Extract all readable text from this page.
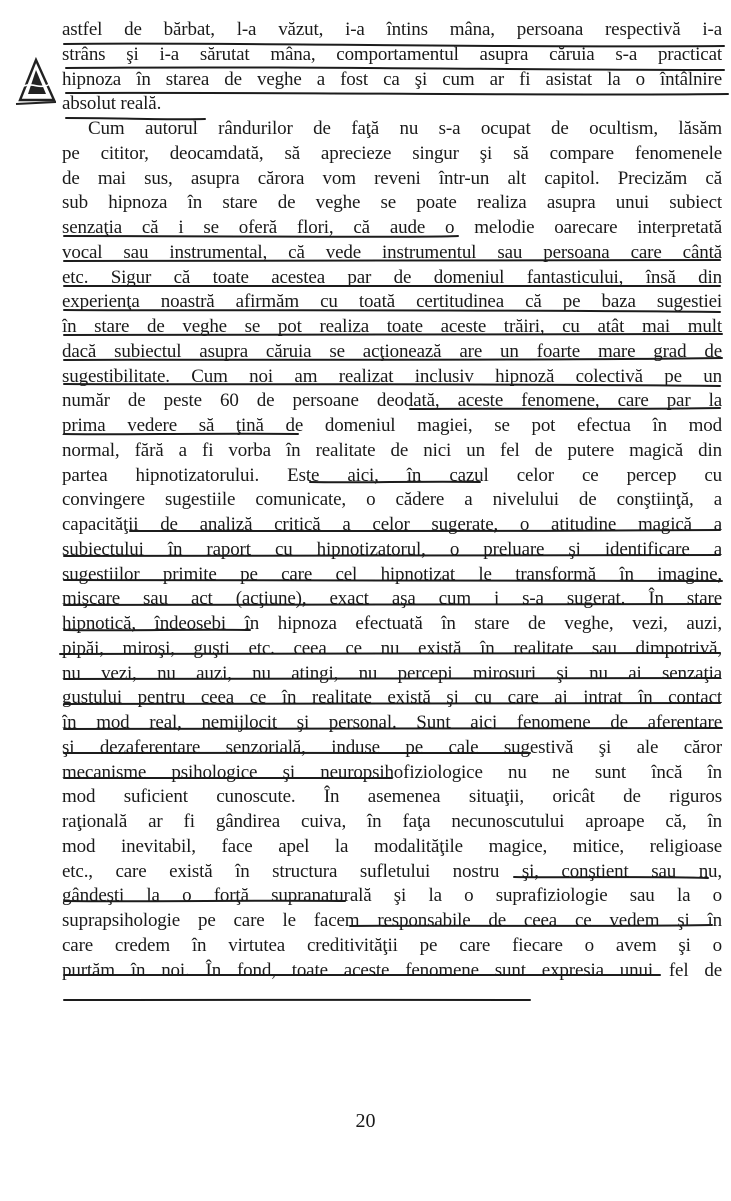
astfel de bărbat, l-a văzut, i-a întins mâna, persoana respectivă i-a
strâns şi i-a sărutat mâna, comportamentul asupra căruia s-a practicat
hipnoza în starea de veghe a fost ca şi cum ar fi asistat la o întâlnire
absolut reală.
Cum autorul rândurilor de faţă nu s-a ocupat de ocultism, lăsăm
pe cititor, deocamdată, să aprecieze singur şi să compare fenomenele
de mai sus, asupra cărora vom reveni într-un alt capitol. Precizăm că
sub hipnoza în stare de veghe se poate realiza asupra unui subiect
senzaţia că i se oferă flori, că aude o melodie oarecare interpretată
vocal sau instrumental, că vede instrumentul sau persoana care cântă
etc. Sigur că toate acestea par de domeniul fantasticului, însă din
experienţa noastră afirmăm cu toată certitudinea că pe baza sugestiei
în stare de veghe se pot realiza toate aceste trăiri, cu atât mai mult
dacă subiectul asupra căruia se acţionează are un foarte mare grad de
sugestibilitate. Cum noi am realizat inclusiv hipnoză colectivă pe un
număr de peste 60 de persoane deodată, aceste fenomene, care par la
prima vedere să ţină de domeniul magiei, se pot efectua în mod
normal, fără a fi vorba în realitate de nici un fel de putere magică din
partea hipnotizatorului. Este aici, în cazul celor ce percep cu
convingere sugestiile comunicate, o cădere a nivelului de conştiinţă, a
capacităţii de analiză critică a celor sugerate, o atitudine magică a
subiectului în raport cu hipnotizatorul, o preluare şi identificare a
sugestiilor primite pe care cel hipnotizat le transformă în imagine,
mişcare sau act (acţiune), exact aşa cum i s-a sugerat. În stare
hipnotică, îndeosebi în hipnoza efectuată în stare de veghe, vezi, auzi,
pipăi, miroşi, guşti etc. ceea ce nu există în realitate sau dimpotrivă,
nu vezi, nu auzi, nu atingi, nu percepi mirosuri şi nu ai senzaţia
gustului pentru ceea ce în realitate există şi cu care ai intrat în contact
în mod real, nemijlocit şi personal. Sunt aici fenomene de aferentare
şi dezaferentare senzorială, induse pe cale sugestivă şi ale căror
mecanisme psihologice şi neuropsihofiziologice nu ne sunt încă în
mod suficient cunoscute. În asemenea situaţii, oricât de riguros
raţională ar fi gândirea cuiva, în faţa necunoscutului aproape că, în
mod inevitabil, face apel la modalităţile magice, mitice, religioase
etc., care există în structura sufletului nostru şi, conştient sau nu,
gândeşti la o forţă supranaturală şi la o suprafiziologie sau la o
suprapsihologie pe care le facem responsabile de ceea ce vedem şi în
care credem în virtutea creditivităţii pe care fiecare o avem şi o
purtăm în noi. În fond, toate aceste fenomene sunt expresia unui fel de
20
